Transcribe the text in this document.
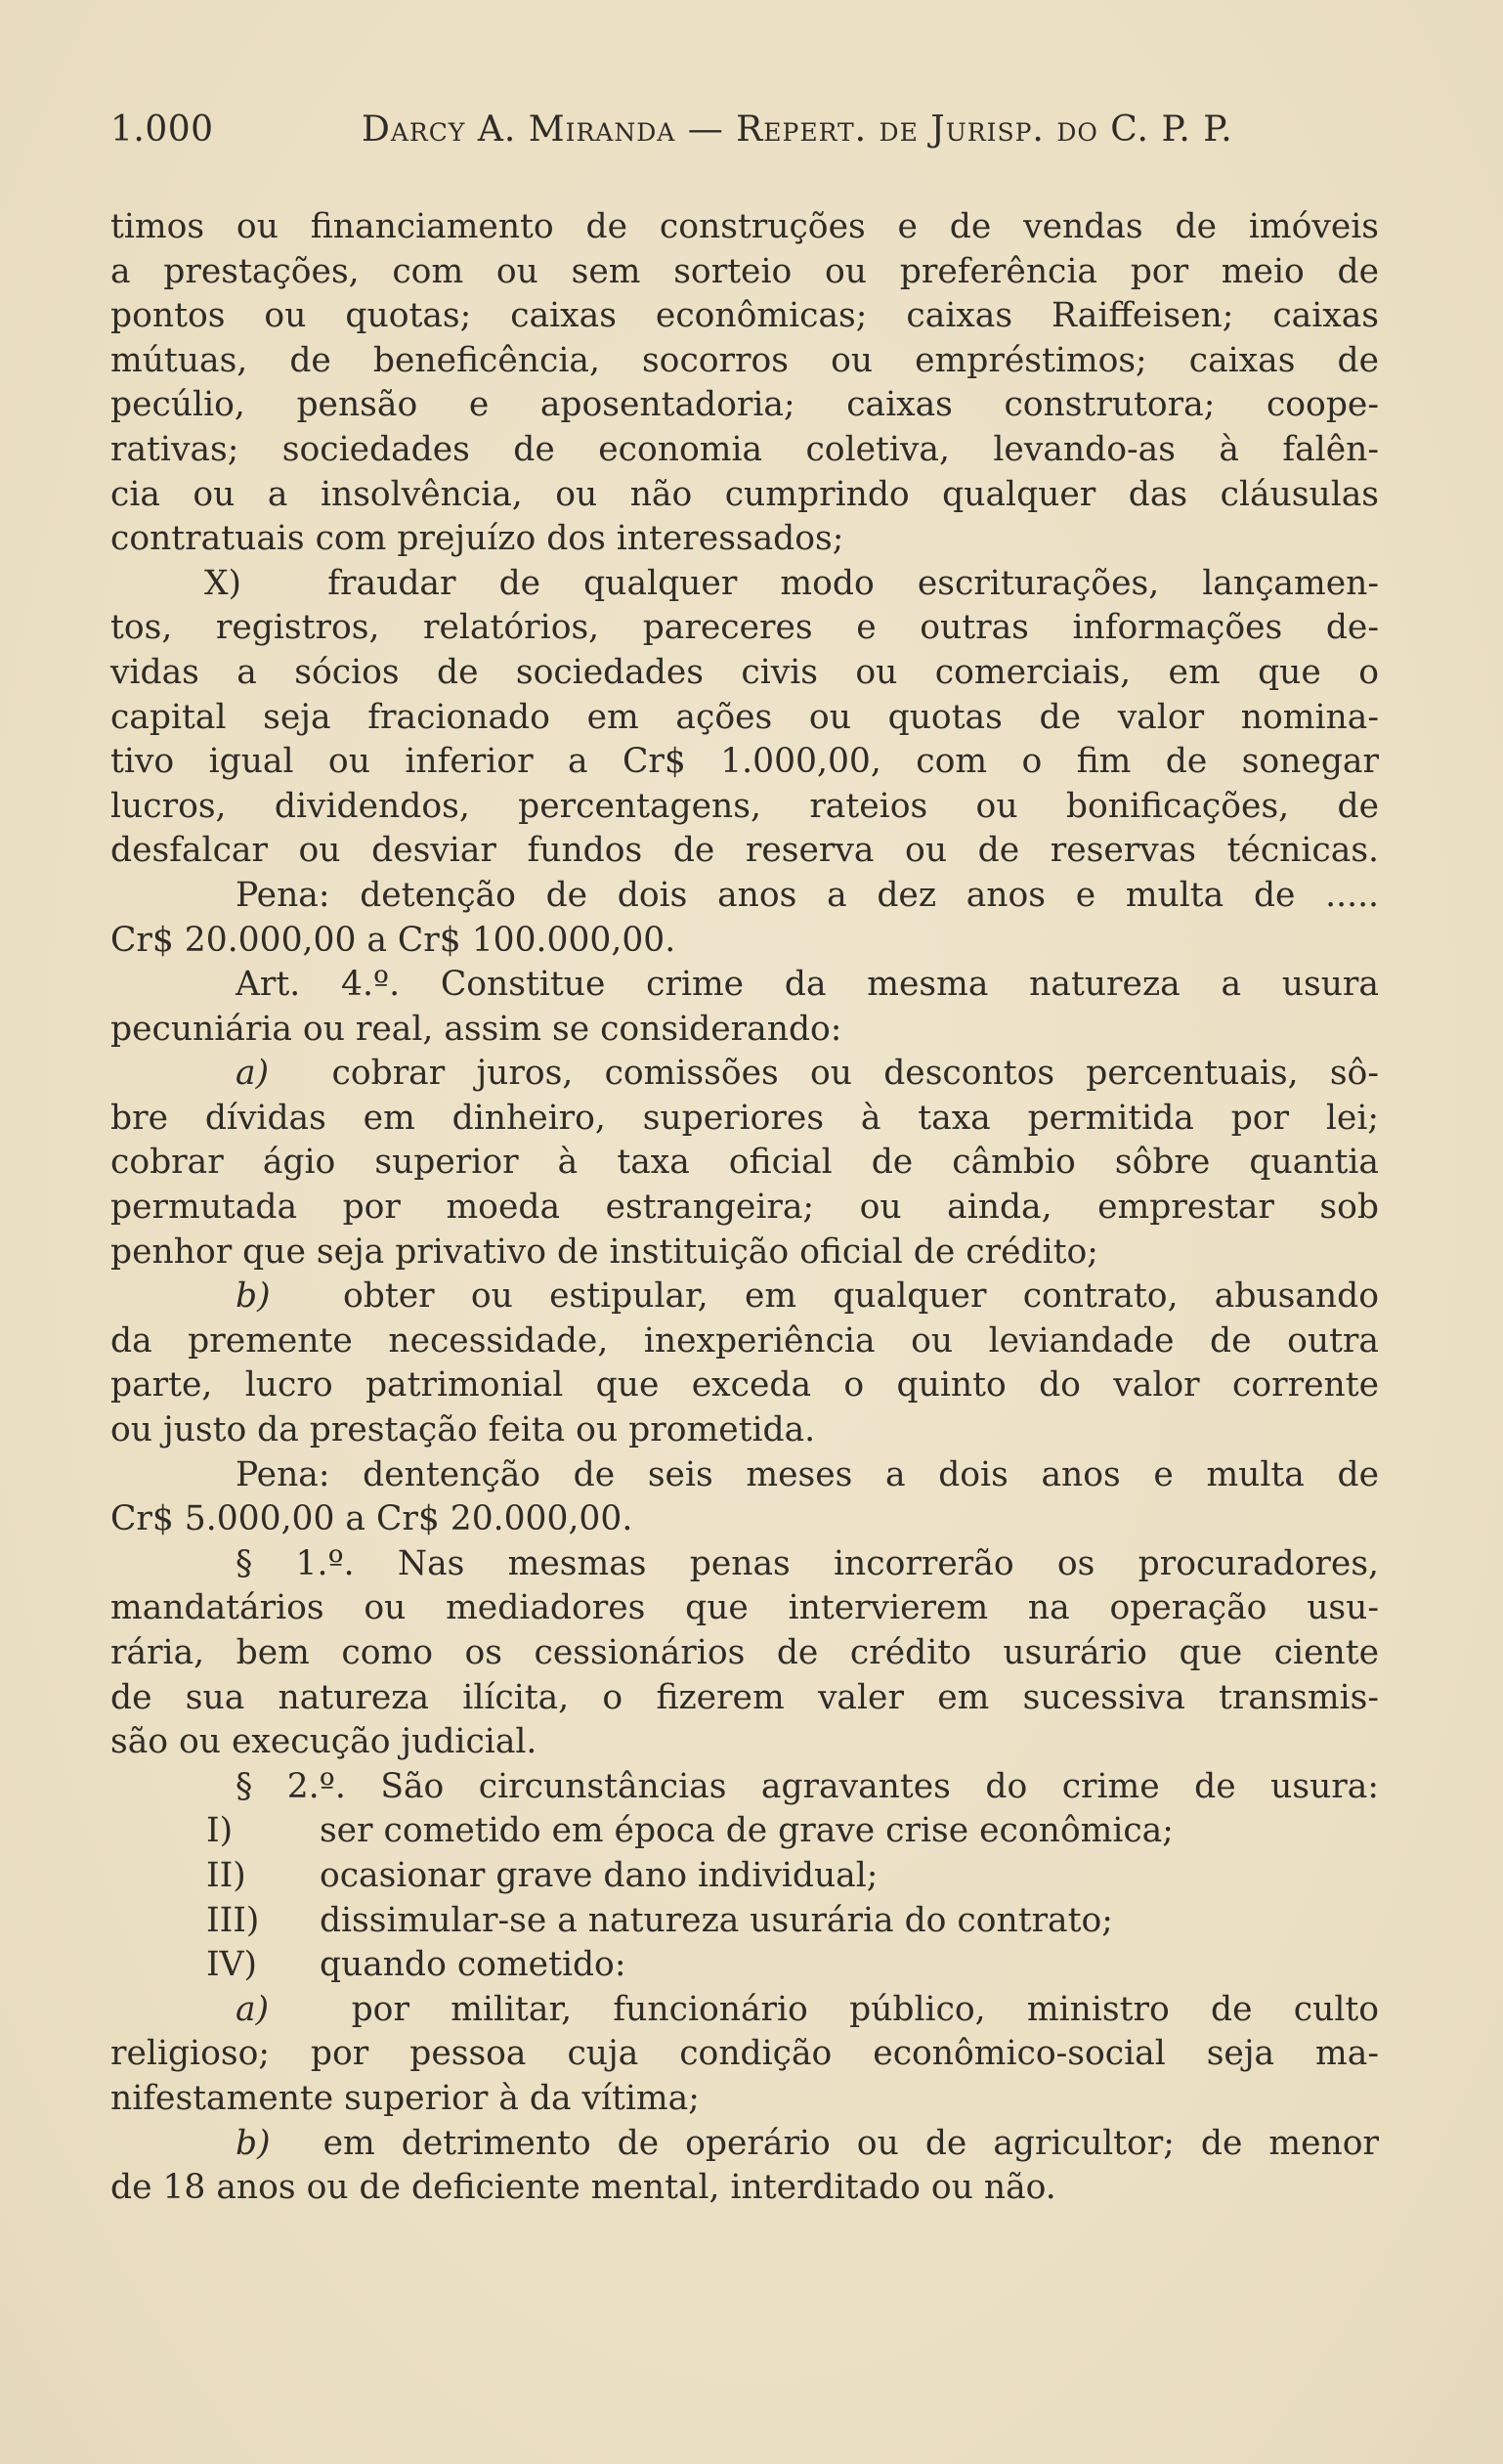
1.000	Darcy A. Miranda — Repert. de Jurisp. do C. P. P.
timos ou financiamento de construções e de vendas de imóveis
a prestações, com ou sem sorteio ou preferência por meio de
pontos ou quotas; caixas econômicas; caixas Raiffeisen; caixas
mútuas, de beneficência, socorros ou empréstimos; caixas de
pecúlio, pensão e aposentadoria; caixas construtora; coope-
rativas; sociedades de economia coletiva, levando-as à falên-
cia ou a insolvência, ou não cumprindo qualquer das cláusulas
contratuais com prejuízo dos interessados;
X)	fraudar de qualquer modo escriturações, lançamen-
tos, registros, relatórios, pareceres e outras informações de-
vidas a sócios de sociedades civis ou comerciais, em que o
capital seja fracionado em ações ou quotas de valor nomina-
tivo igual ou inferior a Cr$ 1.000,00, com o fim de sonegar
lucros, dividendos, percentagens, rateios ou bonificações, de
desfalcar ou desviar fundos de reserva ou de reservas técnicas.
Pena: detenção de dois anos a dez anos e multa de .....
Cr$ 20.000,00 a Cr$ 100.000,00.
Art. 4.º. Constitue crime da mesma natureza a usura
pecuniária ou real, assim se considerando:
a) cobrar juros, comissões ou descontos percentuais, sô-
bre dívidas em dinheiro, superiores à taxa permitida por lei;
cobrar ágio superior à taxa oficial de câmbio sôbre quantia
permutada por moeda estrangeira; ou ainda, emprestar sob
penhor que seja privativo de instituição oficial de crédito;
b) obter ou estipular, em qualquer contrato, abusando
da premente necessidade, inexperiência ou leviandade de outra
parte, lucro patrimonial que exceda o quinto do valor corrente
ou justo da prestação feita ou prometida.
Pena: dentenção de seis meses a dois anos e multa de
Cr$ 5.000,00 a Cr$ 20.000,00.
§ 1.º. Nas mesmas penas incorrerão os procuradores,
mandatários ou mediadores que intervierem na operação usu-
rária, bem como os cessionários de crédito usurário que ciente
de sua natureza ilícita, o fizerem valer em sucessiva transmis-
são ou execução judicial.
§ 2.º. São circunstâncias agravantes do crime de usura:
I)	ser cometido em época de grave crise econômica;
II) ocasionar grave dano individual;
III) dissimular-se a natureza usurária do contrato;
IV) quando cometido:
a) por militar, funcionário público, ministro de culto
religioso; por pessoa cuja condição econômico-social seja ma-
nifestamente superior à da vítima;
b) em detrimento de operário ou de agricultor; de menor
de 18 anos ou de deficiente mental, interditado ou não.
